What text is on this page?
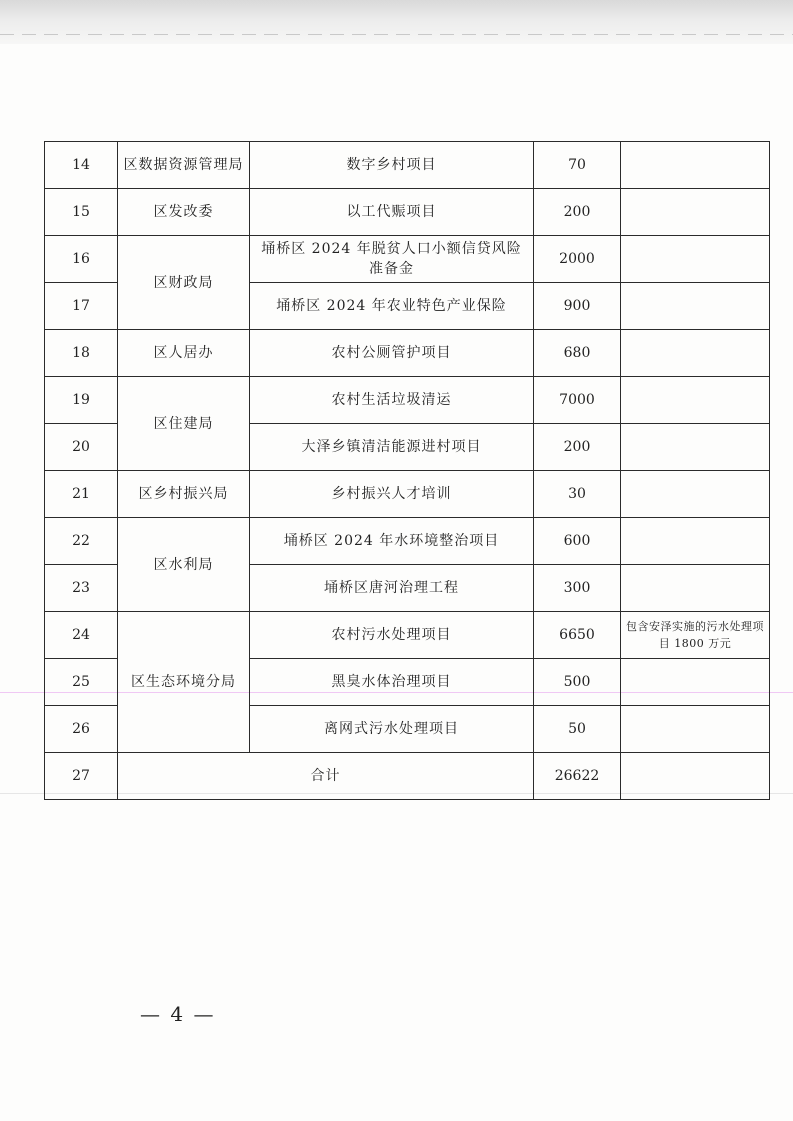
14	区数据资源管理局	数字乡村项目	70	
15	区发改委	以工代赈项目	200	
16	区财政局	埇桥区 2024 年脱贫人口小额信贷风险准备金	2000	
17		埇桥区 2024 年农业特色产业保险	900	
18	区人居办	农村公厕管护项目	680	
19	区住建局	农村生活垃圾清运	7000	
20		大泽乡镇清洁能源进村项目	200	
21	区乡村振兴局	乡村振兴人才培训	30	
22	区水利局	埇桥区 2024 年水环境整治项目	600	
23		埇桥区唐河治理工程	300	
24	区生态环境分局	农村污水处理项目	6650	包含安泽实施的污水处理项目 1800 万元
25		黑臭水体治理项目	500	
26		离网式污水处理项目	50	
27	合计		26622	
— 4 —
